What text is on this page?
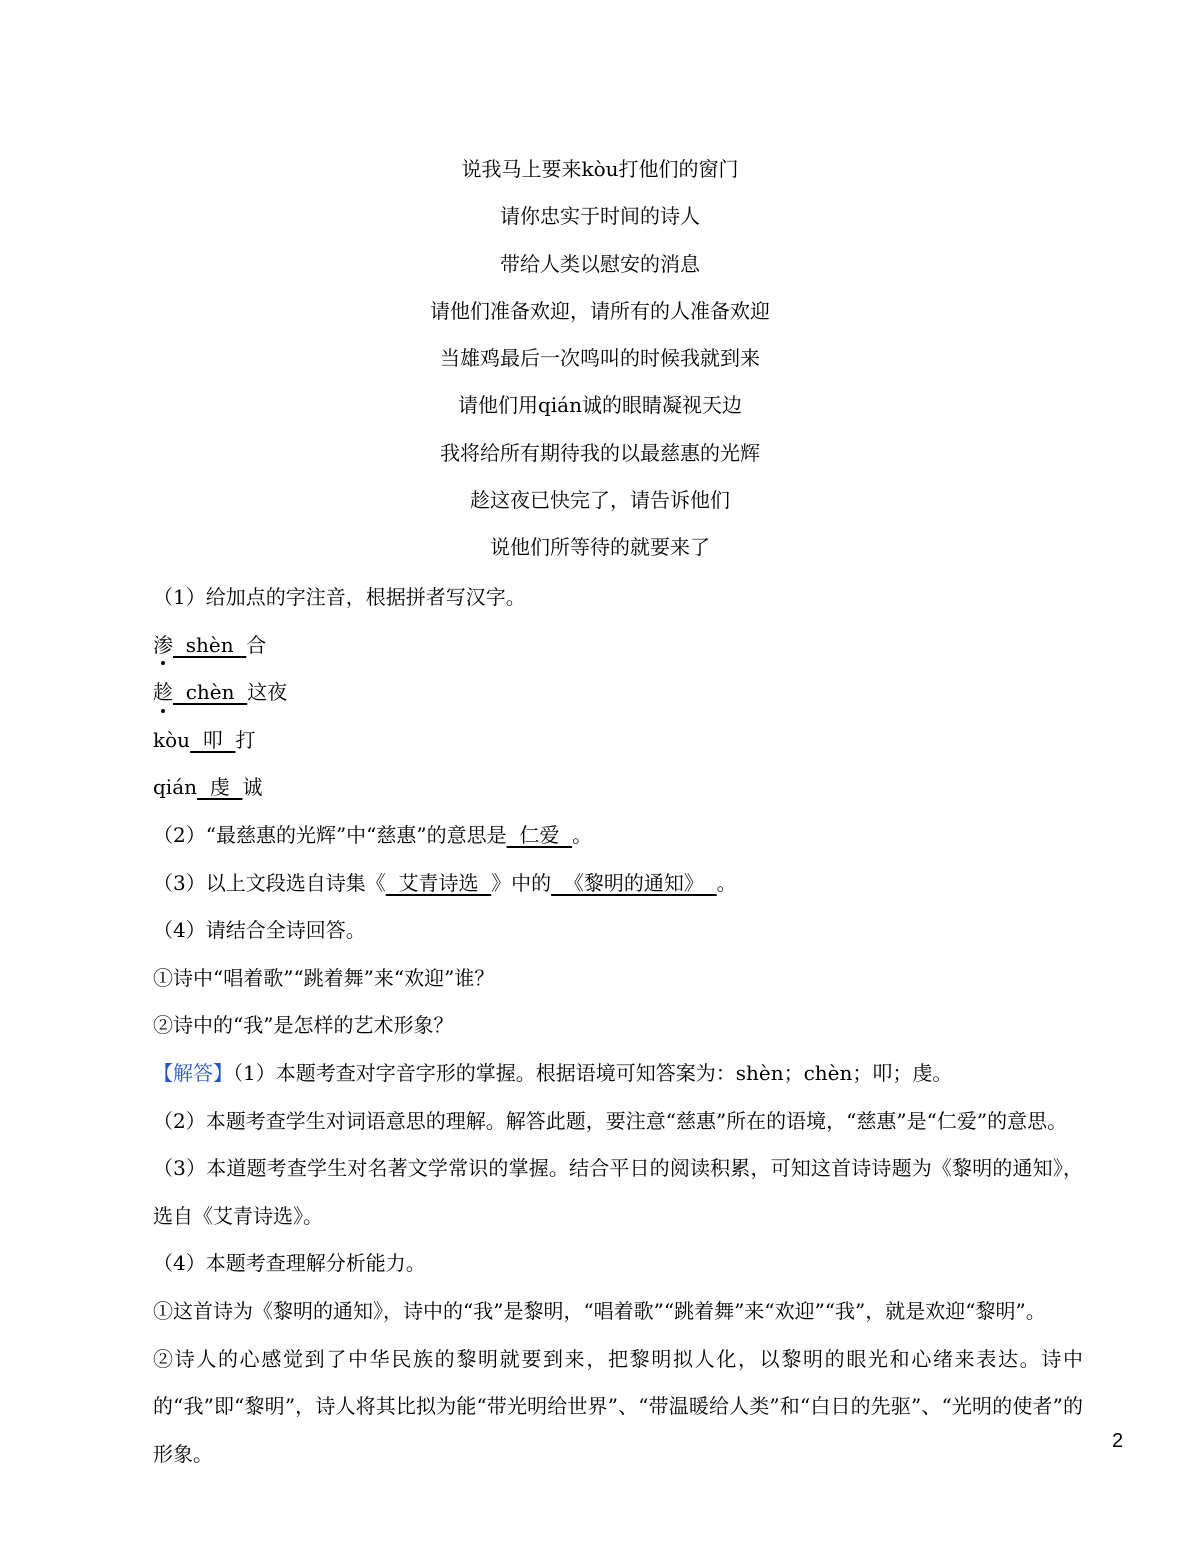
说我马上要来kòu打他们的窗门
请你忠实于时间的诗人
带给人类以慰安的消息
请他们准备欢迎，请所有的人准备欢迎
当雄鸡最后一次鸣叫的时候我就到来
请他们用qián诚的眼睛凝视天边
我将给所有期待我的以最慈惠的光辉
趁这夜已快完了，请告诉他们
说他们所等待的就要来了
（1）给加点的字注音，根据拼者写汉字。
渗  shèn  合
趁  chèn  这夜
kòu  叩  打
qián  虔  诚
（2）“最慈惠的光辉”中“慈惠”的意思是  仁爱  。
（3）以上文段选自诗集《  艾青诗选  》中的  《黎明的通知》  。
（4）请结合全诗回答。
①诗中“唱着歌”“跳着舞”来“欢迎”谁？
②诗中的“我”是怎样的艺术形象？
【解答】（1）本题考查对字音字形的掌握。根据语境可知答案为：shèn；chèn；叩；虔。
（2）本题考查学生对词语意思的理解。解答此题，要注意“慈惠”所在的语境，“慈惠”是“仁爱”的意思。
（3）本道题考查学生对名著文学常识的掌握。结合平日的阅读积累，可知这首诗诗题为《黎明的通知》，选自《艾青诗选》。
（4）本题考查理解分析能力。
①这首诗为《黎明的通知》，诗中的“我”是黎明，“唱着歌”“跳着舞”来“欢迎”“我”，就是欢迎“黎明”。
②诗人的心感觉到了中华民族的黎明就要到来，把黎明拟人化，以黎明的眼光和心绪来表达。诗中的“我”即“黎明”，诗人将其比拟为能“带光明给世界”、“带温暖给人类”和“白日的先驱”、“光明的使者”的形象。
2
